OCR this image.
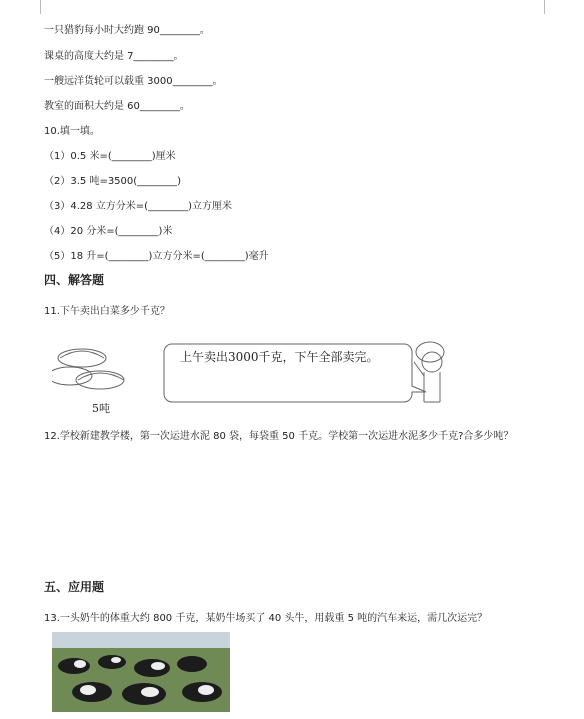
一只猎豹每小时大约跑 90________。
课桌的高度大约是 7________。
一艘远洋货轮可以载重 3000________。
教室的面积大约是 60________。
10.填一填。
（1）0.5 米=(________)厘米
（2）3.5 吨=3500(________)
（3）4.28 立方分米=(________)立方厘米
（4）20 分米=(________)米
（5）18 升=(________)立方分米=(________)毫升
四、解答题
11.下午卖出白菜多少千克？
5吨
上午卖出3000千克，下午全部卖完。
12.学校新建教学楼，第一次运进水泥 80 袋，每袋重 50 千克。学校第一次运进水泥多少千克?合多少吨？
五、应用题
13.一头奶牛的体重大约 800 千克，某奶牛场买了 40 头牛，用载重 5 吨的汽车来运，需几次运完？
